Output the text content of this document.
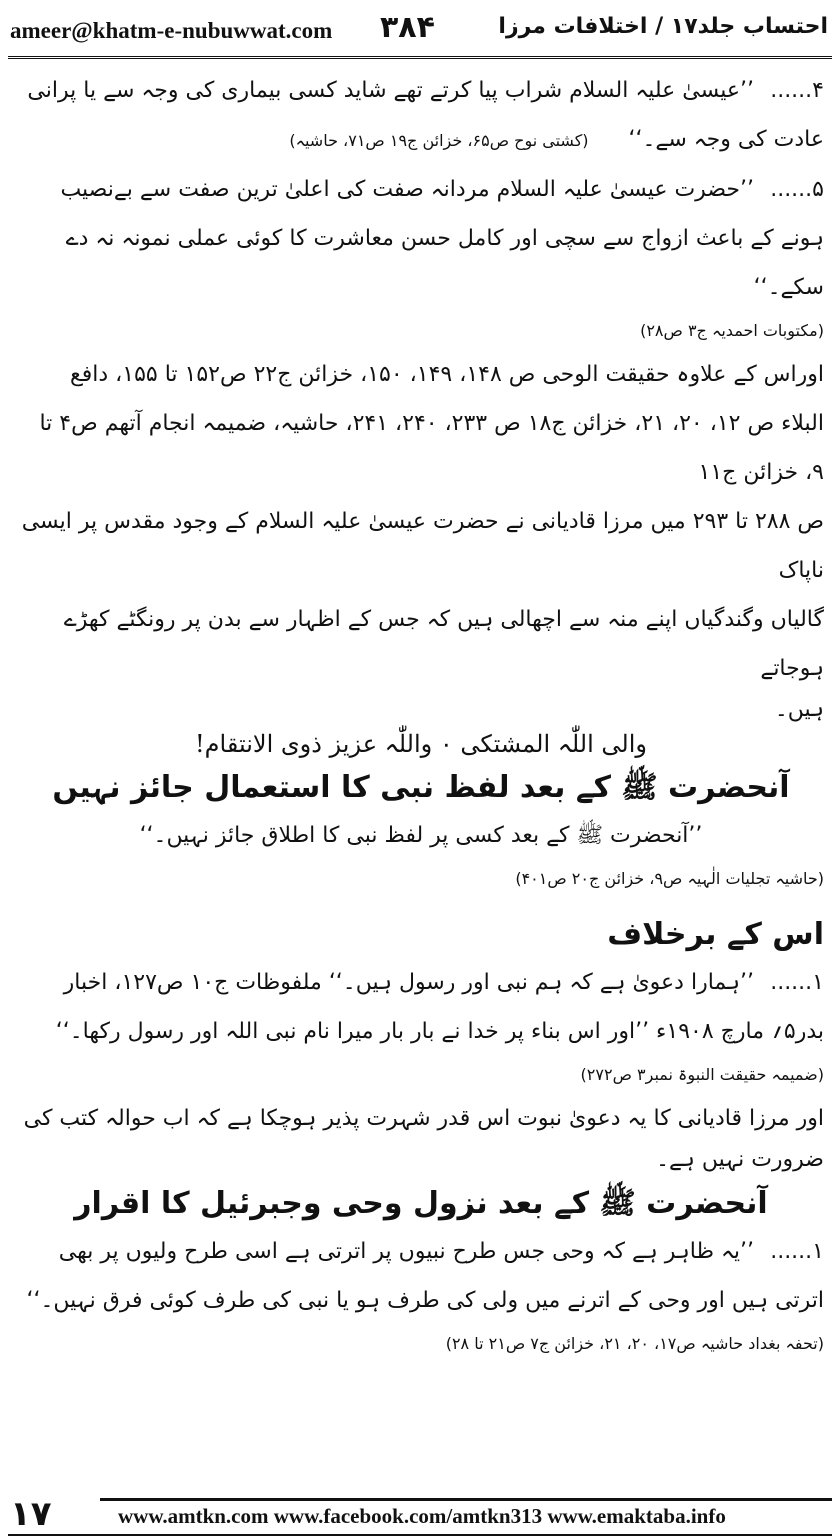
ameer@khatm-e-nubuwwat.com ۳۸۴	احتساب جلد۱۷ / اختلافات مرزا

۴......’’عیسیٰ علیہ السلام شراب پیا کرتے تھے شاید کسی بیماری کی وجہ سے یا پرانی

عادت کی وجہ سے۔‘‘(کشتی نوح ص۶۵، خزائن ج۱۹ ص۷۱، حاشیہ)

۵......’’حضرت عیسیٰ علیہ السلام مردانہ صفت کی اعلیٰ ترین صفت سے بےنصیب

ہونے کے باعث ازواج سے سچی اور کامل حسن معاشرت کا کوئی عملی نمونہ نہ دے سکے۔‘‘

(مکتوبات احمدیہ ج۳ ص۲۸)

اوراس کے علاوہ حقیقت الوحی ص ۱۴۸، ۱۴۹، ۱۵۰، خزائن ج۲۲ ص۱۵۲ تا ۱۵۵، دافع

البلاء ص ۱۲، ۲۰، ۲۱، خزائن ج۱۸ ص ۲۳۳، ۲۴۰، ۲۴۱، حاشیہ، ضمیمہ انجام آتھم ص۴ تا ۹، خزائن ج۱۱

ص ۲۸۸ تا ۲۹۳ میں مرزا قادیانی نے حضرت عیسیٰ علیہ السلام کے وجود مقدس پر ایسی ناپاک

گالیاں وگندگیاں اپنے منہ سے اچھالی ہیں کہ جس کے اظہار سے بدن پر رونگٹے کھڑے ہوجاتے

ہیں۔

والی اللّٰہ المشتکی ۰ واللّٰہ عزیز ذوی الانتقام!

آنحضرت ﷺ کے بعد لفظ نبی کا استعمال جائز نہیں

’’آنحضرت ﷺ کے بعد کسی پر لفظ نبی کا اطلاق جائز نہیں۔‘‘

(حاشیہ تجلیات الٰہیہ ص۹، خزائن ج۲۰ ص۴۰۱)

اس کے برخلاف

۱......’’ہمارا دعویٰ ہے کہ ہم نبی اور رسول ہیں۔‘‘ ملفوظات ج۱۰ ص۱۲۷، اخبار

بدر۵؍ مارچ ۱۹۰۸ء ’’اور اس بناء پر خدا نے بار بار میرا نام نبی اللہ اور رسول رکھا۔‘‘

(ضمیمہ حقیقت النبوۃ نمبر۳ ص۲۷۲)

اور مرزا قادیانی کا یہ دعویٰ نبوت اس قدر شہرت پذیر ہوچکا ہے کہ اب حوالہ کتب کی

ضرورت نہیں ہے۔

آنحضرت ﷺ کے بعد نزول وحی وجبرئیل کا اقرار

۱......’’یہ ظاہر ہے کہ وحی جس طرح نبیوں پر اترتی ہے اسی طرح ولیوں پر بھی

اترتی ہیں اور وحی کے اترنے میں ولی کی طرف ہو یا نبی کی طرف کوئی فرق نہیں۔‘‘

(تحفہ بغداد حاشیہ ص۱۷، ۲۰، ۲۱، خزائن ج۷ ص۲۱ تا ۲۸)

۱۷	www.amtkn.com www.facebook.com/amtkn313 www.emaktaba.info
